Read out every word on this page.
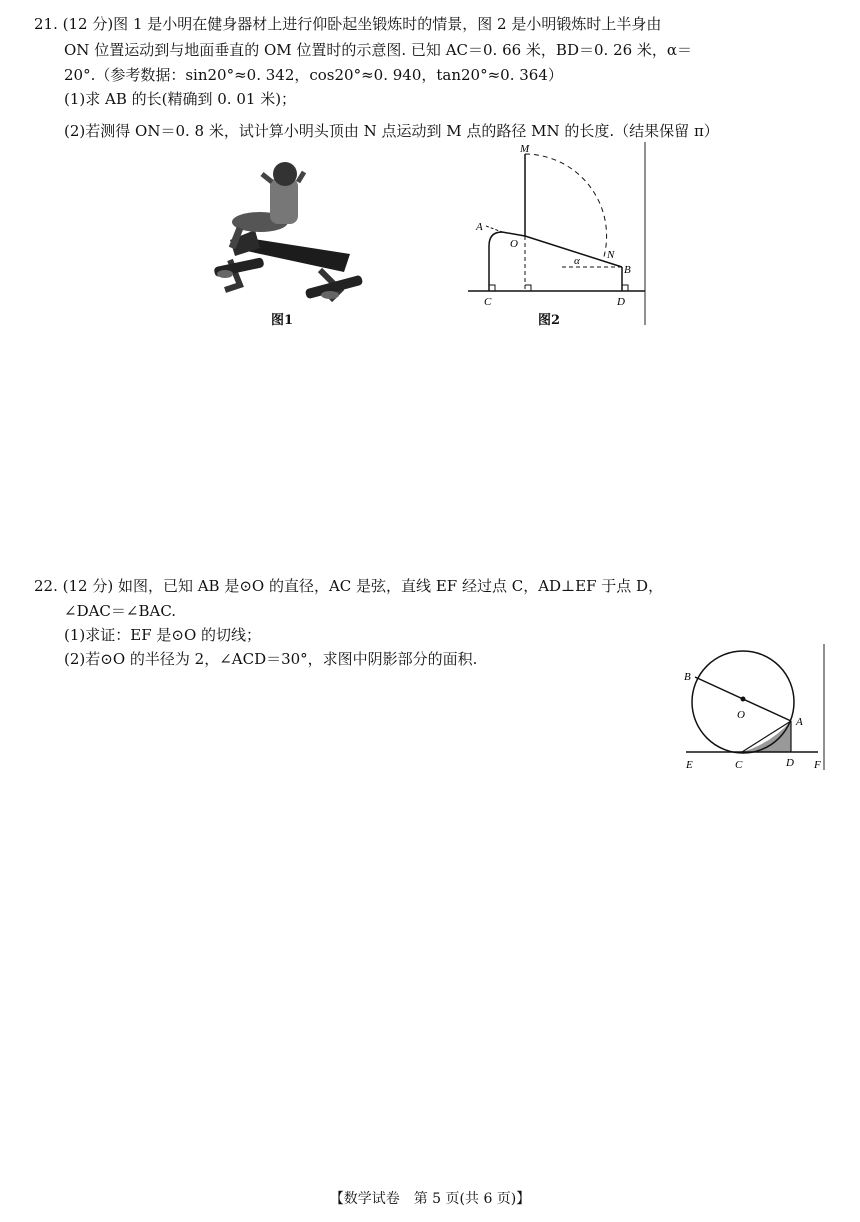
21. (12 分)图 1 是小明在健身器材上进行仰卧起坐锻炼时的情景，图 2 是小明锻炼时上半身由
ON 位置运动到与地面垂直的 OM 位置时的示意图. 已知 AC＝0. 66 米，BD＝0. 26 米，α＝
20°.（参考数据：sin20°≈0. 342，cos20°≈0. 940，tan20°≈0. 364）
(1)求 AB 的长(精确到 0. 01 米)；
(2)若测得 ON＝0. 8 米，试计算小明头顶由 N 点运动到 M 点的路径 MN 的长度.（结果保留 π）
图1
M
A
O
N
α
B
C	D
图2
22. (12 分) 如图，已知 AB 是⊙O 的直径，AC 是弦，直线 EF 经过点 C，AD⊥EF 于点 D，
∠DAC＝∠BAC.
(1)求证：EF 是⊙O 的切线；
(2)若⊙O 的半径为 2，∠ACD＝30°，求图中阴影部分的面积.
B
O
A
E	C	D F
【数学试卷　第 5 页(共 6 页)】
